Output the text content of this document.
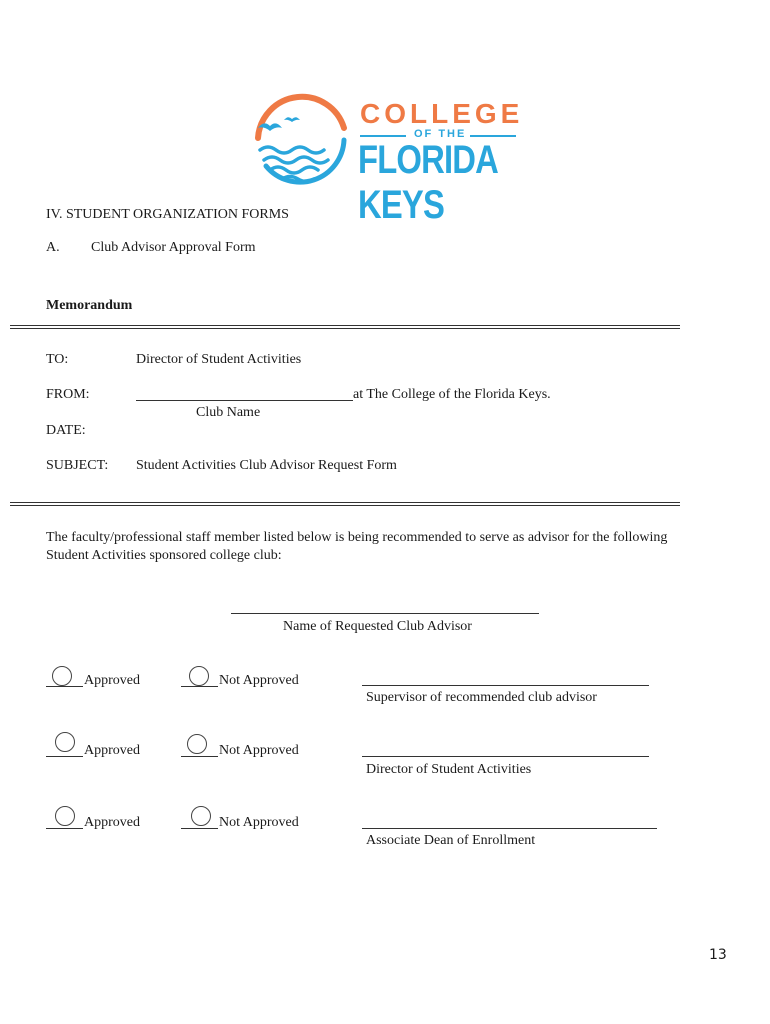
COLLEGE
OF THE
FLORIDA KEYS
IV. STUDENT ORGANIZATION FORMS
A. Club Advisor Approval Form
Memorandum
TO:	Director of Student Activities
FROM:	at The College of the Florida Keys.
Club Name
DATE:
SUBJECT: Student Activities Club Advisor Request Form
The faculty/professional staff member listed below is being recommended to serve as advisor for the following
Student Activities sponsored college club:
Name of Requested Club Advisor
Approved	Not Approved
Supervisor of recommended club advisor
Approved	Not Approved
Director of Student Activities
Approved	Not Approved
Associate Dean of Enrollment
13
